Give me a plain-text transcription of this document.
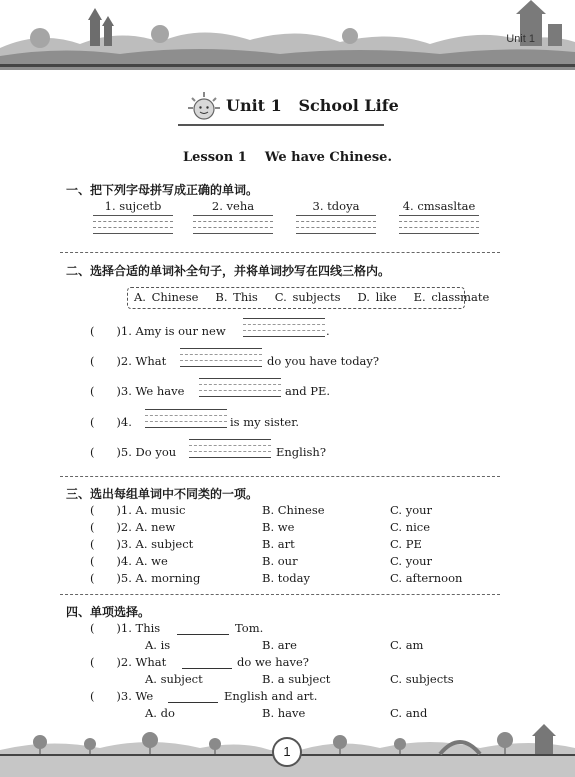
Unit 1
Unit 1   School Life
Lesson 1    We have Chinese.
一、把下列字母拼写成正确的单词。
1. sujcetb	2. veha	3. tdoya	4. cmsasltae
二、选择合适的单词补全句子，并将单词抄写在四线三格内。
A. Chinese   B. This   C. subjects   D. like   E. classmate
(      )1. Amy is our new	.
(      )2. What	do you have today?
(      )3. We have	and PE.
(      )4.	is my sister.
(      )5. Do you	English?
三、选出每组单词中不同类的一项。
(      )1. A. music	B. Chinese	C. your
(      )2. A. new	B. we	C. nice
(      )3. A. subject	B. art	C. PE
(      )4. A. we	B. our	C. your
(      )5. A. morning	B. today	C. afternoon
四、单项选择。
(      )1. This	Tom.
A. is	B. are	C. am
(      )2. What	do we have?
A. subject	B. a subject	C. subjects
(      )3. We	English and art.
A. do	B. have	C. and
1
